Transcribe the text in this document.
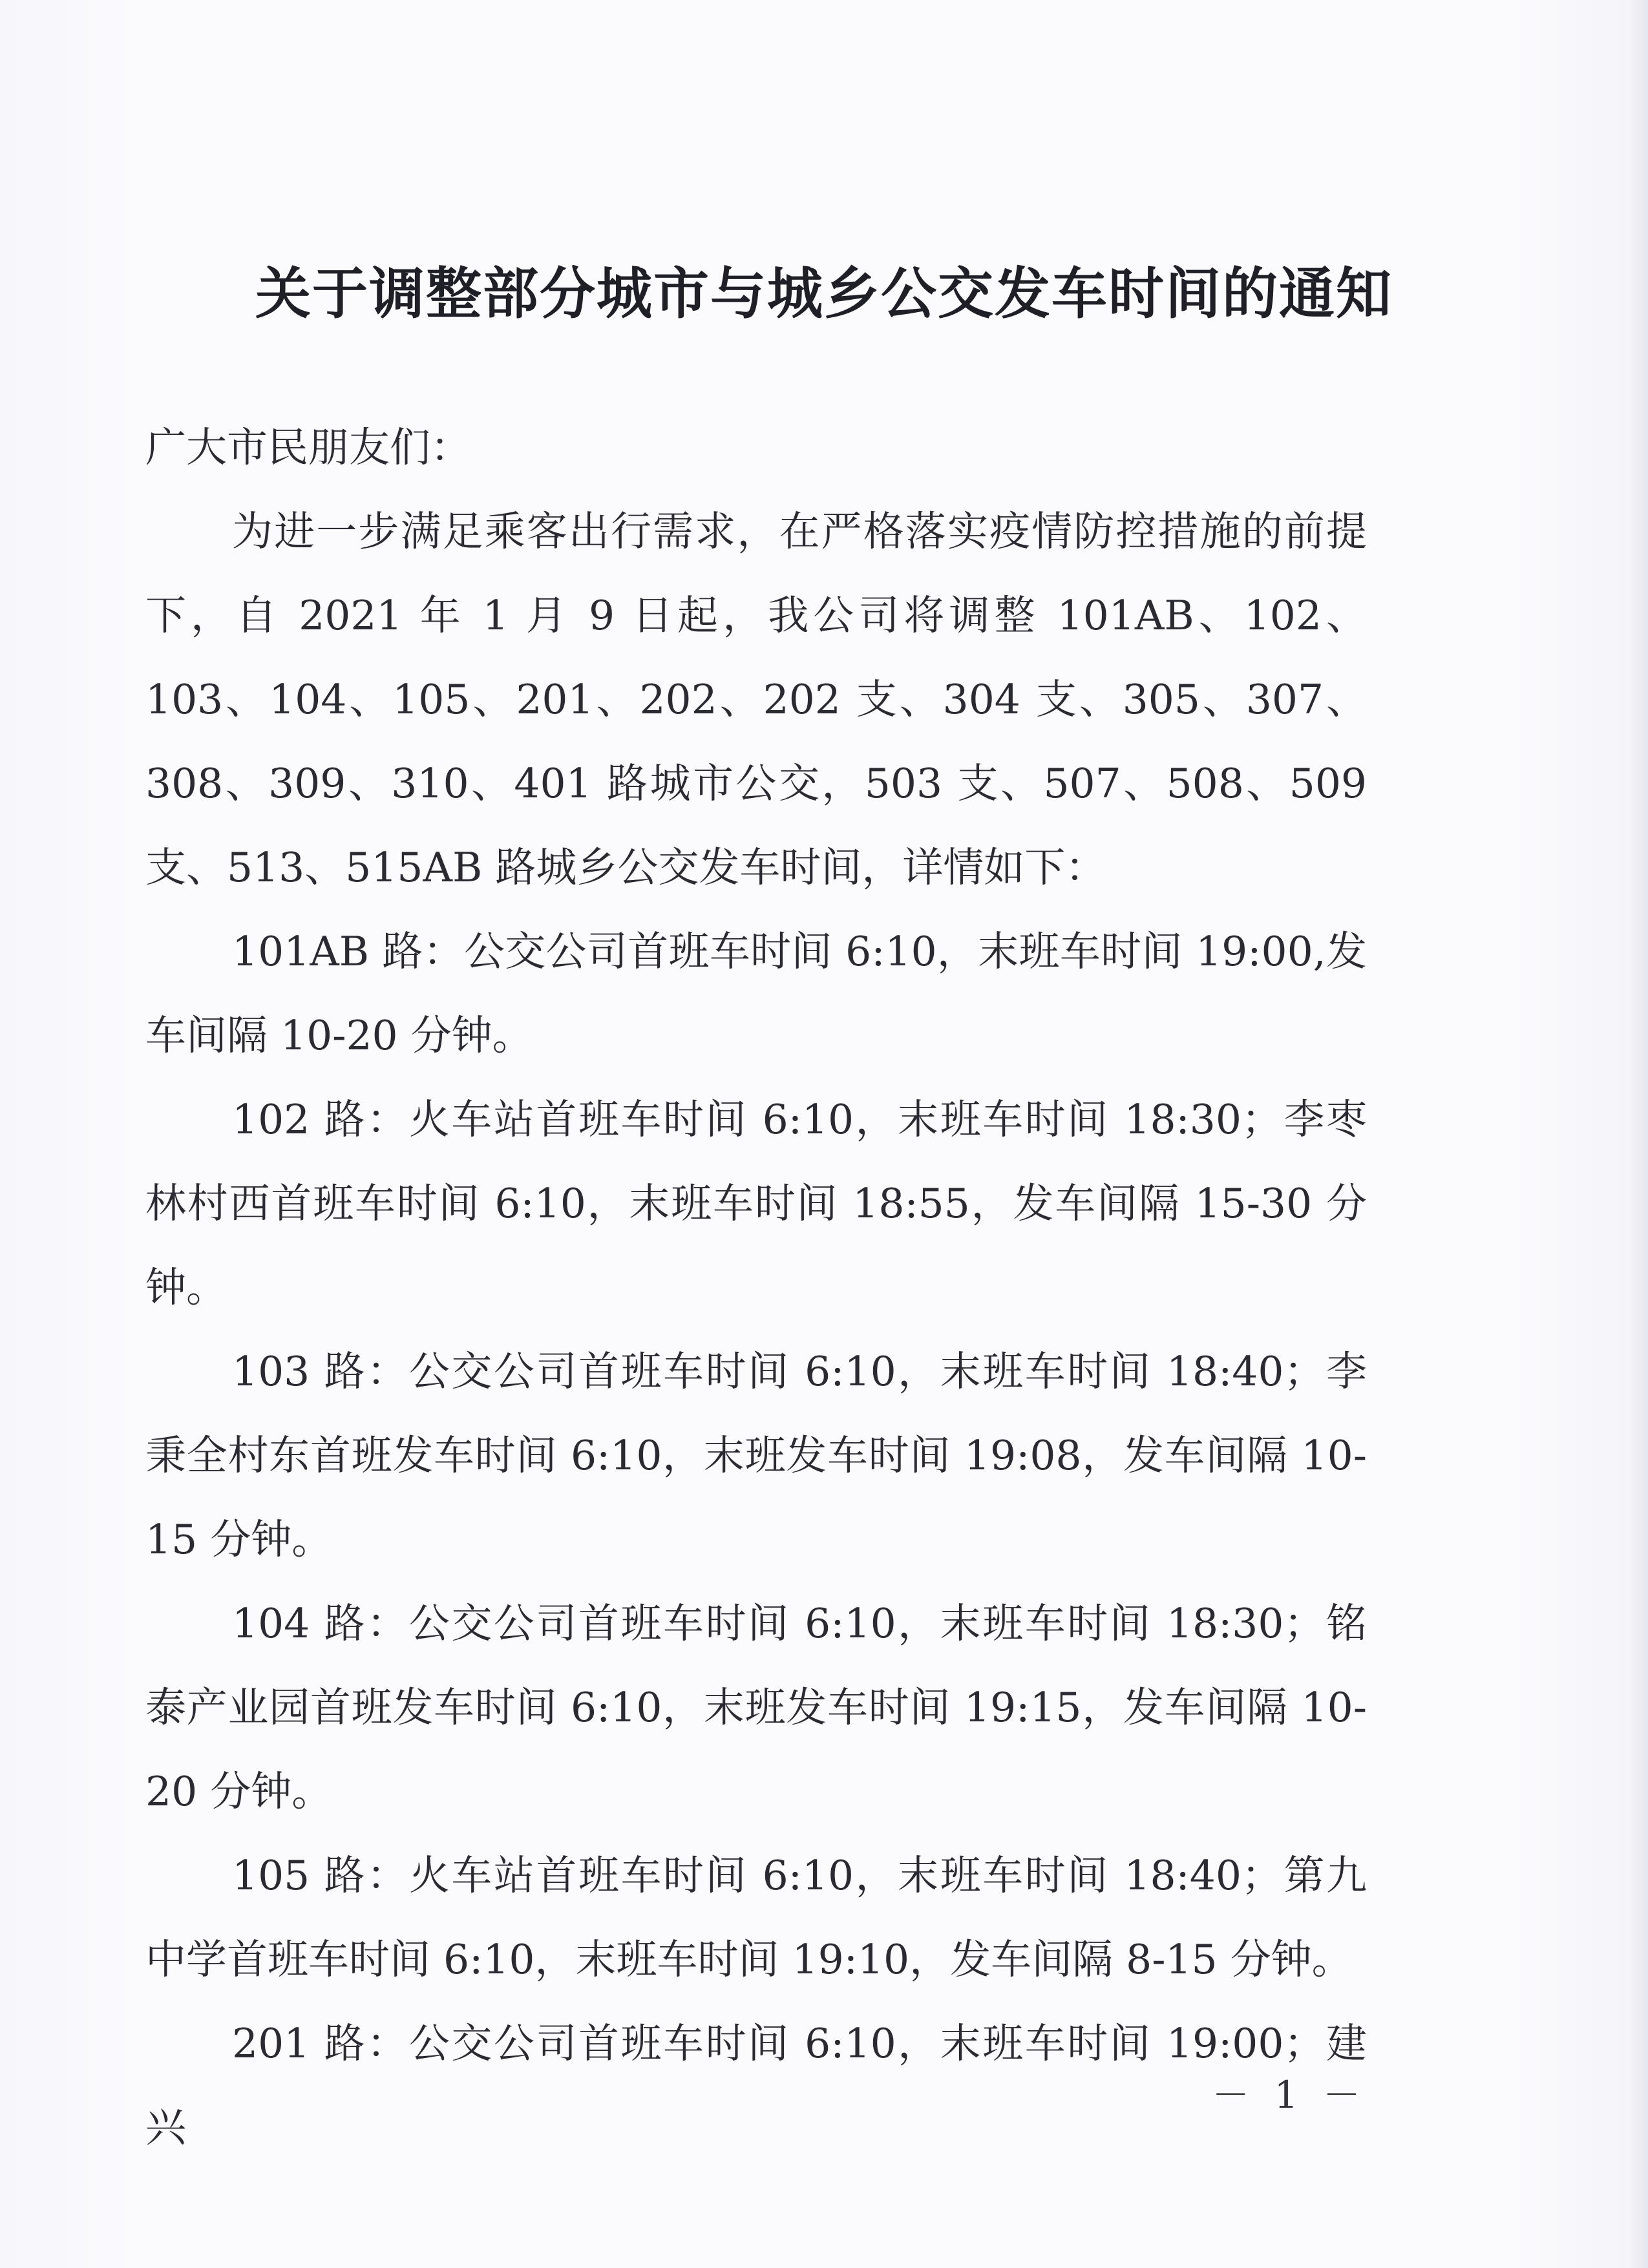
关于调整部分城市与城乡公交发车时间的通知

广大市民朋友们：

为进一步满足乘客出行需求，在严格落实疫情防控措施的前提下，自 2021 年 1 月 9 日起，我公司将调整 101AB、102、103、104、105、201、202、202 支、304 支、305、307、308、309、310、401 路城市公交，503 支、507、508、509 支、513、515AB 路城乡公交发车时间，详情如下：

101AB 路：公交公司首班车时间 6:10，末班车时间 19:00,发车间隔 10-20 分钟。

102 路：火车站首班车时间 6:10，末班车时间 18:30；李枣林村西首班车时间 6:10，末班车时间 18:55，发车间隔 15-30 分钟。

103 路：公交公司首班车时间 6:10，末班车时间 18:40；李秉全村东首班发车时间 6:10，末班发车时间 19:08，发车间隔 10-15 分钟。

104 路：公交公司首班车时间 6:10，末班车时间 18:30；铭泰产业园首班发车时间 6:10，末班发车时间 19:15，发车间隔 10-20 分钟。

105 路：火车站首班车时间 6:10，末班车时间 18:40；第九中学首班车时间 6:10，末班车时间 19:10，发车间隔 8-15 分钟。

201 路：公交公司首班车时间 6:10，末班车时间 19:00；建兴

－ 1 －
